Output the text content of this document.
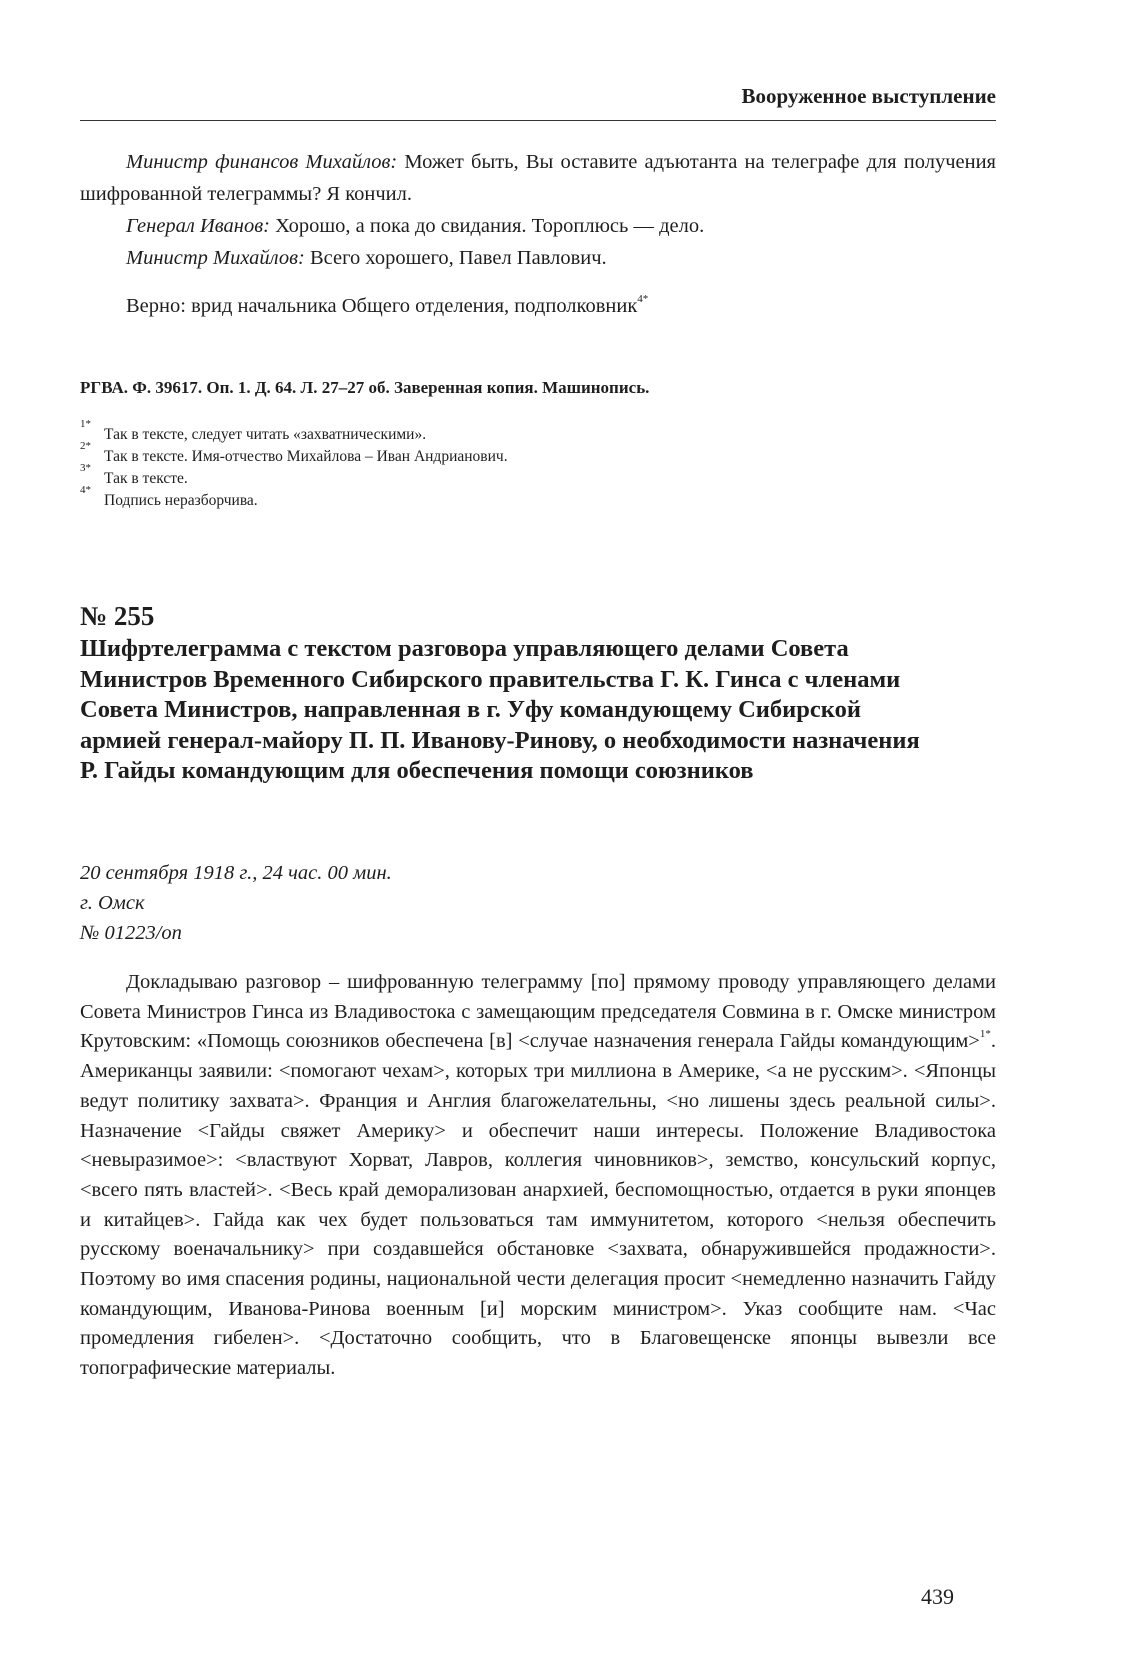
Вооруженное выступление

Министр финансов Михайлов: Может быть, Вы оставите адъютанта на телеграфе для получения шифрованной телеграммы? Я кончил.

Генерал Иванов: Хорошо, а пока до свидания. Тороплюсь — дело.

Министр Михайлов: Всего хорошего, Павел Павлович.

Верно: врид начальника Общего отделения, подполковник$^{4*}$
РГВА. Ф. 39617. Оп. 1. Д. 64. Л. 27–27 об. Заверенная копия. Машинопись.
1*
Так в тексте, следует читать «захватническими».
2*
Так в тексте. Имя-отчество Михайлова – Иван Андрианович.
3*
Так в тексте.
4*
Подпись неразборчива.
№ 255
Шифртелеграмма с текстом разговора управляющего делами Совета Министров Временного Сибирского правительства Г. К. Гинса с членами Совета Министров, направленная в г. Уфу командующему Сибирской армией генерал-майору П. П. Иванову-Ринову, о необходимости назначения Р. Гайды командующим для обеспечения помощи союзников
20 сентября 1918 г., 24 час. 00 мин.
г. Омск
№ 01223/оп

Докладываю разговор – шифрованную телеграмму [по] прямому проводу управляющего делами Совета Министров Гинса из Владивостока с замещающим председателя Совмина в г. Омске министром Крутовским: «Помощь союзников обеспечена [в] <случае назначения генерала Гайды командующим>$^{1*}$. Американцы заявили: <помогают чехам>, которых три миллиона в Америке, <а не русским>. <Японцы ведут политику захвата>. Франция и Англия благожелательны, <но лишены здесь реальной силы>. Назначение <Гайды свяжет Америку> и обеспечит наши интересы. Положение Владивостока <невыразимое>: <властвуют Хорват, Лавров, коллегия чиновников>, земство, консульский корпус, <всего пять властей>. <Весь край деморализован анархией, беспомощностью, отдается в руки японцев и китайцев>. Гайда как чех будет пользоваться там иммунитетом, которого <нельзя обеспечить русскому военачальнику> при создавшейся обстановке <захвата, обнаружившейся продажности>. Поэтому во имя спасения родины, национальной чести делегация просит <немедленно назначить Гайду командующим, Иванова-Ринова военным [и] морским министром>. Указ сообщите нам. <Час промедления гибелен>. <Достаточно сообщить, что в Благовещенске японцы вывезли все топографические материалы.

439
